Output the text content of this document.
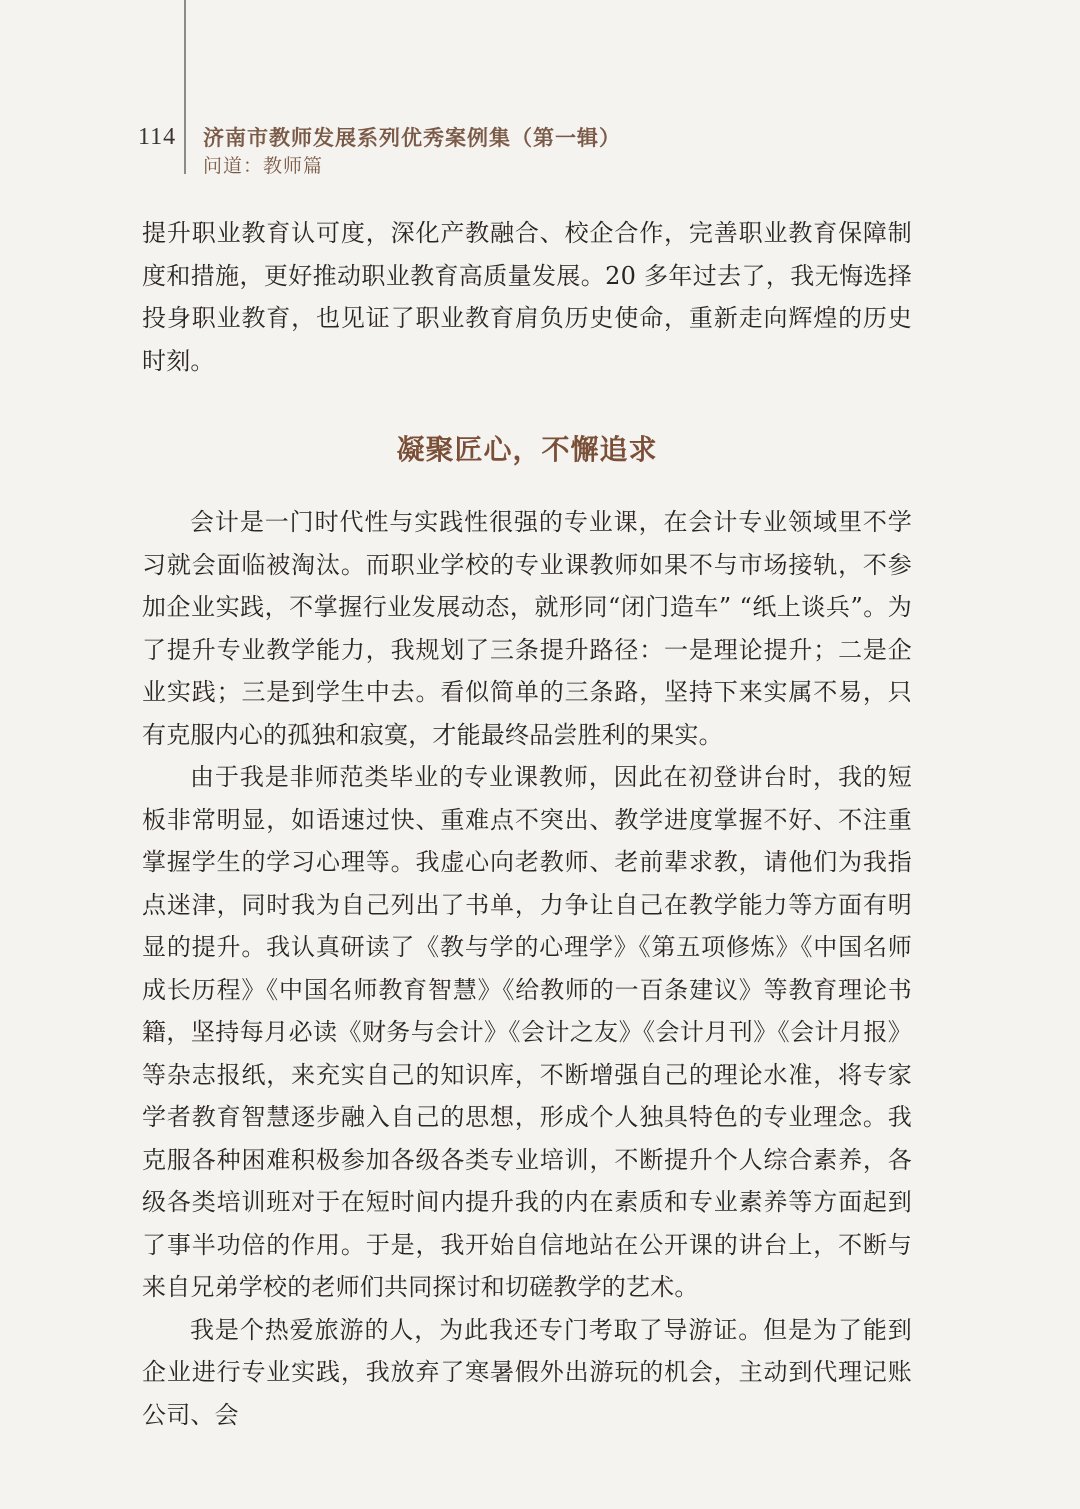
114 济南市教师发展系列优秀案例集（第一辑）
问道：教师篇

提升职业教育认可度，深化产教融合、校企合作，完善职业教育保障制度和措施，更好推动职业教育高质量发展。20 多年过去了，我无悔选择投身职业教育，也见证了职业教育肩负历史使命，重新走向辉煌的历史时刻。

凝聚匠心，不懈追求

会计是一门时代性与实践性很强的专业课，在会计专业领域里不学习就会面临被淘汰。而职业学校的专业课教师如果不与市场接轨，不参加企业实践，不掌握行业发展动态，就形同“闭门造车” “纸上谈兵”。为了提升专业教学能力，我规划了三条提升路径：一是理论提升；二是企业实践；三是到学生中去。看似简单的三条路，坚持下来实属不易，只有克服内心的孤独和寂寞，才能最终品尝胜利的果实。

由于我是非师范类毕业的专业课教师，因此在初登讲台时，我的短板非常明显，如语速过快、重难点不突出、教学进度掌握不好、不注重掌握学生的学习心理等。我虚心向老教师、老前辈求教，请他们为我指点迷津，同时我为自己列出了书单，力争让自己在教学能力等方面有明显的提升。我认真研读了《教与学的心理学》《第五项修炼》《中国名师成长历程》《中国名师教育智慧》《给教师的一百条建议》等教育理论书籍，坚持每月必读《财务与会计》《会计之友》《会计月刊》《会计月报》等杂志报纸，来充实自己的知识库，不断增强自己的理论水准，将专家学者教育智慧逐步融入自己的思想，形成个人独具特色的专业理念。我克服各种困难积极参加各级各类专业培训，不断提升个人综合素养，各级各类培训班对于在短时间内提升我的内在素质和专业素养等方面起到了事半功倍的作用。于是，我开始自信地站在公开课的讲台上，不断与来自兄弟学校的老师们共同探讨和切磋教学的艺术。

我是个热爱旅游的人，为此我还专门考取了导游证。但是为了能到企业进行专业实践，我放弃了寒暑假外出游玩的机会，主动到代理记账公司、会
